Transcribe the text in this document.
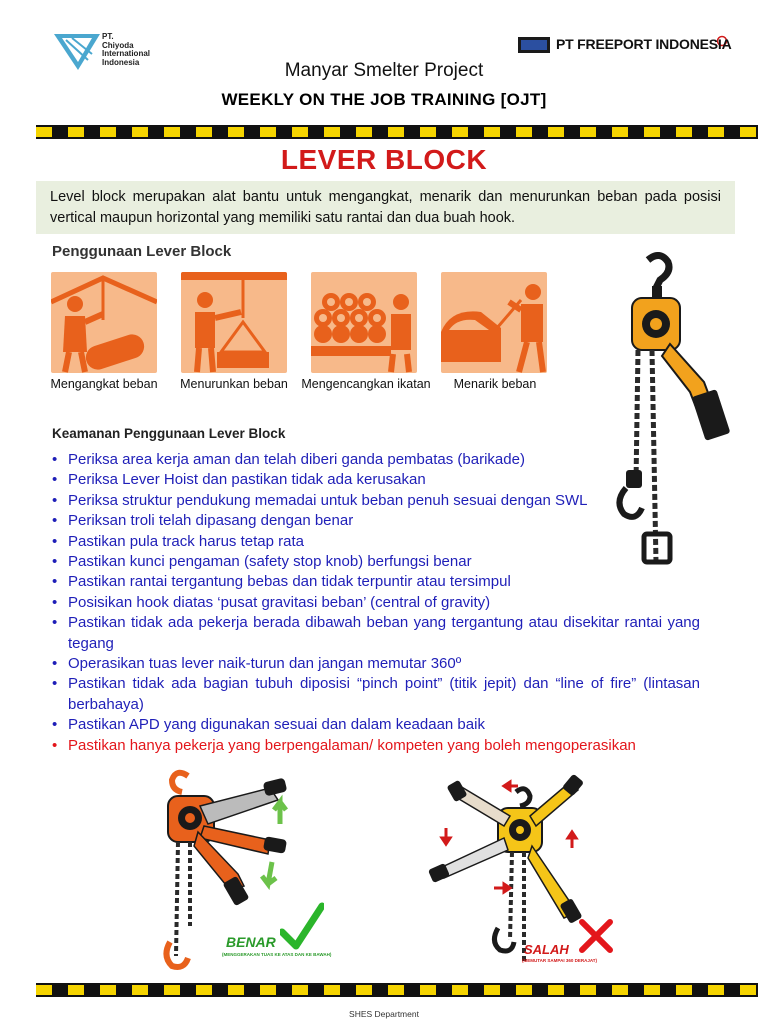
PT.
Chiyoda
International
Indonesia
PT FREEPORT INDONESIA
Manyar Smelter Project
WEEKLY ON THE JOB TRAINING [OJT]
LEVER BLOCK
Level block merupakan alat bantu untuk mengangkat, menarik dan menurunkan beban pada posisi vertical maupun horizontal yang memiliki satu rantai dan dua buah hook.
Penggunaan Lever Block
Mengangkat beban	Menurunkan beban	Mengencangkan ikatan	Menarik beban
Keamanan Penggunaan Lever Block
• Periksa area kerja aman dan telah diberi ganda pembatas (barikade)
• Periksa Lever Hoist dan pastikan tidak ada kerusakan
• Periksa struktur pendukung memadai untuk beban penuh sesuai dengan SWL
• Periksan troli telah dipasang dengan benar
• Pastikan pula track harus tetap rata
• Pastikan kunci pengaman (safety stop knob) berfungsi benar
• Pastikan rantai tergantung bebas dan tidak terpuntir atau tersimpul
• Posisikan hook diatas ‘pusat gravitasi beban’ (central of gravity)
• Pastikan tidak ada pekerja berada dibawah beban yang tergantung atau disekitar rantai yang tegang
• Operasikan tuas lever naik-turun dan jangan memutar 360º
• Pastikan tidak ada bagian tubuh diposisi “pinch point” (titik jepit) dan “line of fire” (lintasan berbahaya)
• Pastikan APD yang digunakan sesuai dan dalam keadaan baik
• Pastikan hanya pekerja yang berpengalaman/ kompeten yang boleh mengoperasikan
BENAR
(MENGGERAKAN TUAS KE ATAS DAN KE BAWAH)	SALAH
(MEMUTAR SAMPAI 360 DERAJAT)
SHES Department
